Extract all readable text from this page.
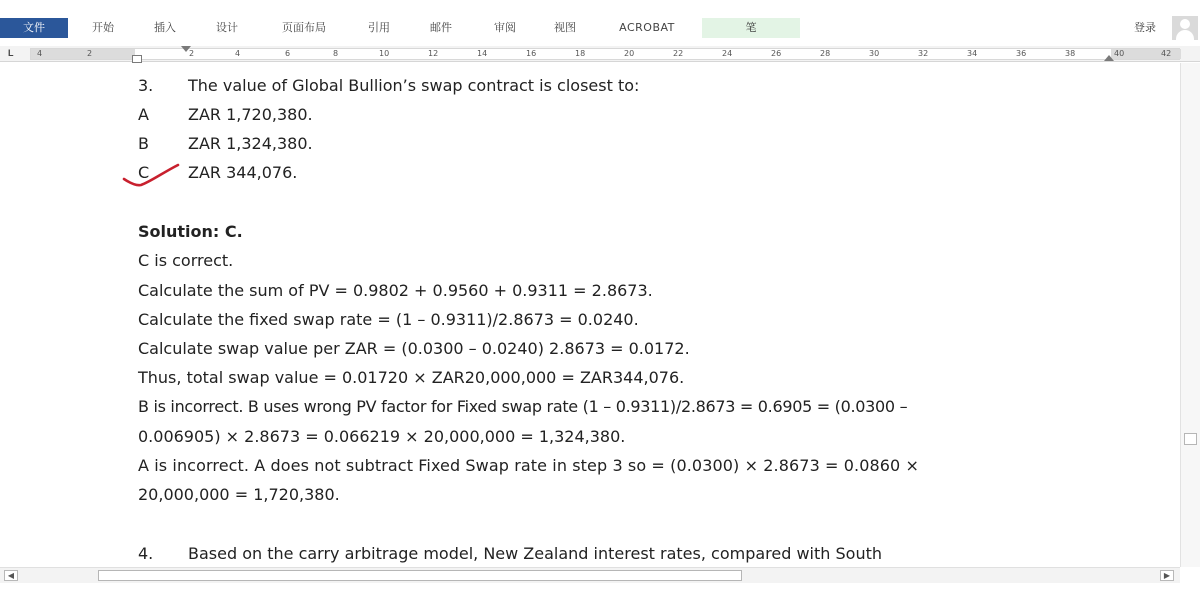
文件	开始	插入	设计	页面布局	引用	邮件	审阅	视图	ACROBAT	笔	登录
L	4	2	2	4	6	8	10	12	14	16	18	20	22	24	26	28	30	32	34	36	38	40	42
3. The value of Global Bullion’s swap contract is closest to:
A ZAR 1,720,380.
B ZAR 1,324,380.
C ZAR 344,076.
Solution: C.
C is correct.
Calculate the sum of PV = 0.9802 + 0.9560 + 0.9311 = 2.8673.
Calculate the fixed swap rate = (1 – 0.9311)/2.8673 = 0.0240.
Calculate swap value per ZAR = (0.0300 – 0.0240) 2.8673 = 0.0172.
Thus, total swap value = 0.01720 × ZAR20,000,000 = ZAR344,076.
B is incorrect. B uses wrong PV factor for Fixed swap rate (1 – 0.9311)/2.8673 = 0.6905 = (0.0300 –
0.006905) × 2.8673 = 0.066219 × 20,000,000 = 1,324,380.
A is incorrect. A does not subtract Fixed Swap rate in step 3 so = (0.0300) × 2.8673 = 0.0860 ×
20,000,000 = 1,720,380.
4. Based on the carry arbitrage model, New Zealand interest rates, compared with South
◀	▶
